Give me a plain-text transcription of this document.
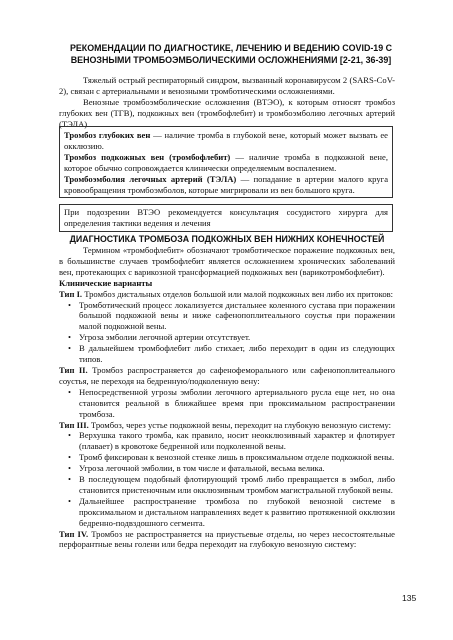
РЕКОМЕНДАЦИИ ПО ДИАГНОСТИКЕ, ЛЕЧЕНИЮ И ВЕДЕНИЮ COVID-19 С ВЕНОЗНЫМИ ТРОМБОЭМБОЛИЧЕСКИМИ ОСЛОЖНЕНИЯМИ [2-21, 36-39]

Тяжелый острый респираторный синдром, вызванный коронавирусом 2 (SARS-CoV-2), связан с артериальными и венозными тромботическими осложнениями.

Венозные тромбоэмболические осложнения (ВТЭО), к которым относят тромбоз глубоких вен (ТГВ), подкожных вен (тромбофлебит) и тромбоэмболию легочных артерий (ТЭЛА).

Тромбоз глубоких вен — наличие тромба в глубокой вене, который может вызвать ее окклюзию.

Тромбоз подкожных вен (тромбофлебит) — наличие тромба в подкожной вене, которое обычно сопровождается клинически определяемым воспалением.

Тромбоэмболия легочных артерий (ТЭЛА) — попадание в артерии малого круга кровообращения тромбоэмболов, которые мигрировали из вен большого круга.

При подозрении ВТЭО рекомендуется консультация сосудистого хирурга для определения тактики ведения и лечения

ДИАГНОСТИКА ТРОМБОЗА ПОДКОЖНЫХ ВЕН НИЖНИХ КОНЕЧНОСТЕЙ

Термином «тромбофлебит» обозначают тромботическое поражение подкожных вен, в большинстве случаев тромбофлебит является осложнением хронических заболеваний вен, протекающих с варикозной трансформацией подкожных вен (варикотромбофлебит).

Клинические варианты

Тип I. Тромбоз дистальных отделов большой или малой подкожных вен либо их притоков:

• Тромботический процесс локализуется дистальнее коленного сустава при поражении большой подкожной вены и ниже сафенопоплитеального соустья при поражении малой подкожной вены.
• Угроза эмболии легочной артерии отсутствует.
• В дальнейшем тромбофлебит либо стихает, либо переходит в один из следующих типов.

Тип II. Тромбоз распространяется до сафенофеморального или сафенопоплитеального соустья, не переходя на бедренную/подколенную вену:

• Непосредственной угрозы эмболии легочного артериального русла еще нет, но она становится реальной в ближайшее время при проксимальном распространении тромбоза.

Тип III. Тромбоз, через устье подкожной вены, переходит на глубокую венозную систему:

• Верхушка такого тромба, как правило, носит неокклюзивный характер и флотирует (плавает) в кровотоке бедренной или подколенной вены.
• Тромб фиксирован к венозной стенке лишь в проксимальном отделе подкожной вены.
• Угроза легочной эмболии, в том числе и фатальной, весьма велика.
• В последующем подобный флотирующий тромб либо превращается в эмбол, либо становится пристеночным или окклюзивным тромбом магистральной глубокой вены.
• Дальнейшее распространение тромбоза по глубокой венозной системе в проксимальном и дистальном направлениях ведет к развитию протяженной окклюзии бедренно-подвздошного сегмента.

Тип IV. Тромбоз не распространяется на приустьевые отделы, но через несостоятельные перфорантные вены голени или бедра переходит на глубокую венозную систему:

135
